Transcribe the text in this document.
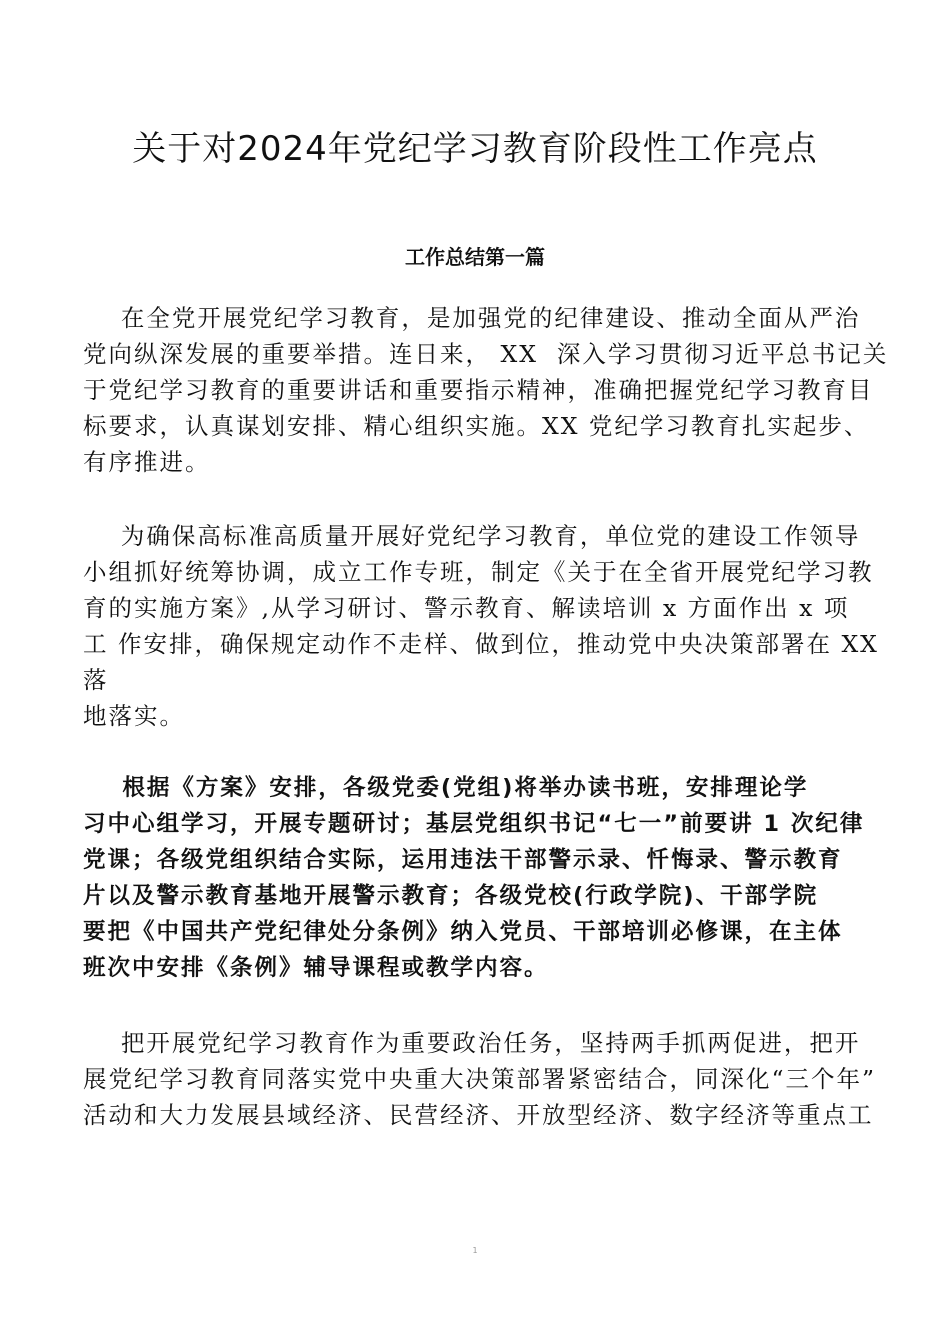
关于对2024年党纪学习教育阶段性工作亮点
工作总结第一篇
在全党开展党纪学习教育，是加强党的纪律建设、推动全面从严治
党向纵深发展的重要举措。连日来， XX  深入学习贯彻习近平总书记关
于党纪学习教育的重要讲话和重要指示精神，准确把握党纪学习教育目
标要求，认真谋划安排、精心组织实施。XX 党纪学习教育扎实起步、
有序推进。
为确保高标准高质量开展好党纪学习教育，单位党的建设工作领导
小组抓好统筹协调，成立工作专班，制定《关于在全省开展党纪学习教
育的实施方案》,从学习研讨、警示教育、解读培训 x 方面作出 x 项
工 作安排，确保规定动作不走样、做到位，推动党中央决策部署在 XX
落
地落实。
根据《方案》安排，各级党委(党组)将举办读书班，安排理论学
习中心组学习，开展专题研讨；基层党组织书记“七一”前要讲 1 次纪律
党课；各级党组织结合实际，运用违法干部警示录、忏悔录、警示教育
片以及警示教育基地开展警示教育；各级党校(行政学院)、干部学院
要把《中国共产党纪律处分条例》纳入党员、干部培训必修课，在主体
班次中安排《条例》辅导课程或教学内容。
把开展党纪学习教育作为重要政治任务，坚持两手抓两促进，把开
展党纪学习教育同落实党中央重大决策部署紧密结合，同深化“三个年”
活动和大力发展县域经济、民营经济、开放型经济、数字经济等重点工
1
